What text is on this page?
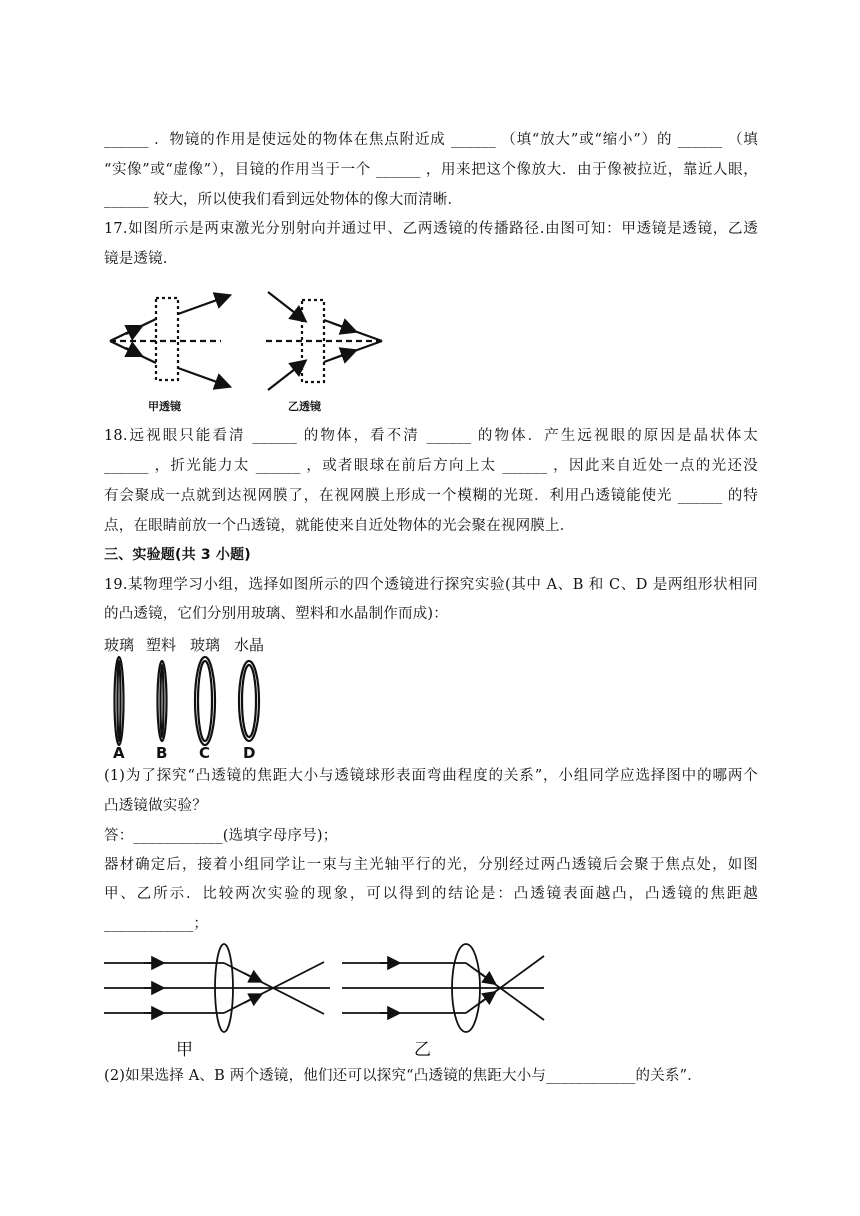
______ ．物镜的作用是使远处的物体在焦点附近成 ______ （填“放大”或“缩小”）的 ______ （填
“实像”或“虚像”），目镜的作用当于一个 ______ ，用来把这个像放大．由于像被拉近，靠近人眼，
______ 较大，所以使我们看到远处物体的像大而清晰．
17.如图所示是两束激光分别射向并通过甲、乙两透镜的传播路径.由图可知：甲透镜是透镜，乙透
镜是透镜.
甲透镜	乙透镜
18.远视眼只能看清 ______ 的物体，看不清 ______ 的物体．产生远视眼的原因是晶状体太
______ ，折光能力太 ______ ，或者眼球在前后方向上太 ______ ，因此来自近处一点的光还没
有会聚成一点就到达视网膜了，在视网膜上形成一个模糊的光斑．利用凸透镜能使光 ______ 的特
点，在眼睛前放一个凸透镜，就能使来自近处物体的光会聚在视网膜上．
三、实验题(共 3 小题)
19.某物理学习小组，选择如图所示的四个透镜进行探究实验(其中 A、B 和 C、D 是两组形状相同
的凸透镜，它们分别用玻璃、塑料和水晶制作而成)：
玻璃 塑料 玻璃 水晶
A B C D
(1)为了探究“凸透镜的焦距大小与透镜球形表面弯曲程度的关系”，小组同学应选择图中的哪两个
凸透镜做实验？
答：____________(选填字母序号)；
器材确定后，接着小组同学让一束与主光轴平行的光，分别经过两凸透镜后会聚于焦点处，如图
甲、乙所示．比较两次实验的现象，可以得到的结论是：凸透镜表面越凸，凸透镜的焦距越
____________；
甲	乙
(2)如果选择 A、B 两个透镜，他们还可以探究“凸透镜的焦距大小与____________的关系”．
